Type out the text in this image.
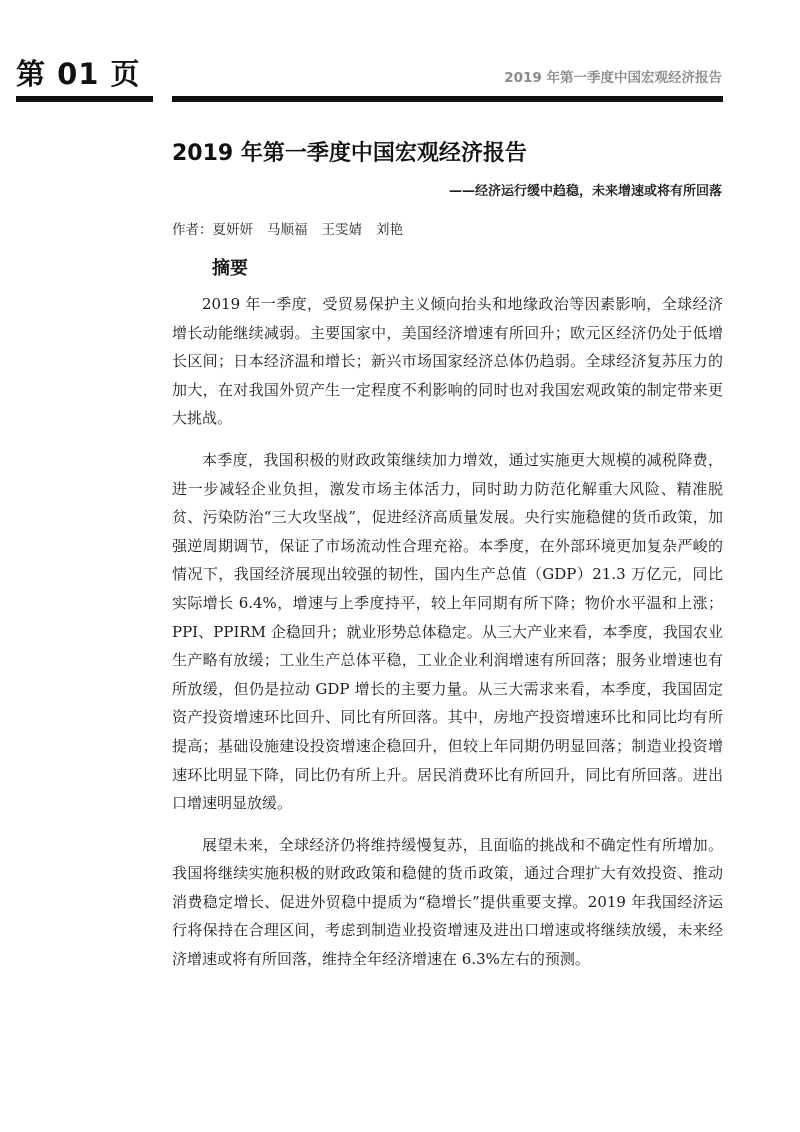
第 01 页	2019 年第一季度中国宏观经济报告
2019 年第一季度中国宏观经济报告
——经济运行缓中趋稳，未来增速或将有所回落
作者：夏妍妍 马顺福 王雯婧 刘艳
摘要

2019 年一季度，受贸易保护主义倾向抬头和地缘政治等因素影响，全球经济增长动能继续减弱。主要国家中，美国经济增速有所回升；欧元区经济仍处于低增长区间；日本经济温和增长；新兴市场国家经济总体仍趋弱。全球经济复苏压力的加大，在对我国外贸产生一定程度不利影响的同时也对我国宏观政策的制定带来更大挑战。

本季度，我国积极的财政政策继续加力增效，通过实施更大规模的减税降费，进一步减轻企业负担，激发市场主体活力，同时助力防范化解重大风险、精准脱贫、污染防治“三大攻坚战”，促进经济高质量发展。央行实施稳健的货币政策，加强逆周期调节，保证了市场流动性合理充裕。本季度，在外部环境更加复杂严峻的情况下，我国经济展现出较强的韧性，国内生产总值（GDP）21.3 万亿元，同比实际增长 6.4%，增速与上季度持平，较上年同期有所下降；物价水平温和上涨；PPI、PPIRM 企稳回升；就业形势总体稳定。从三大产业来看，本季度，我国农业生产略有放缓；工业生产总体平稳，工业企业利润增速有所回落；服务业增速也有所放缓，但仍是拉动 GDP 增长的主要力量。从三大需求来看，本季度，我国固定资产投资增速环比回升、同比有所回落。其中，房地产投资增速环比和同比均有所提高；基础设施建设投资增速企稳回升，但较上年同期仍明显回落；制造业投资增速环比明显下降，同比仍有所上升。居民消费环比有所回升，同比有所回落。进出口增速明显放缓。

展望未来，全球经济仍将维持缓慢复苏，且面临的挑战和不确定性有所增加。我国将继续实施积极的财政政策和稳健的货币政策，通过合理扩大有效投资、推动消费稳定增长、促进外贸稳中提质为“稳增长”提供重要支撑。2019 年我国经济运行将保持在合理区间，考虑到制造业投资增速及进出口增速或将继续放缓，未来经济增速或将有所回落，维持全年经济增速在 6.3%左右的预测。
